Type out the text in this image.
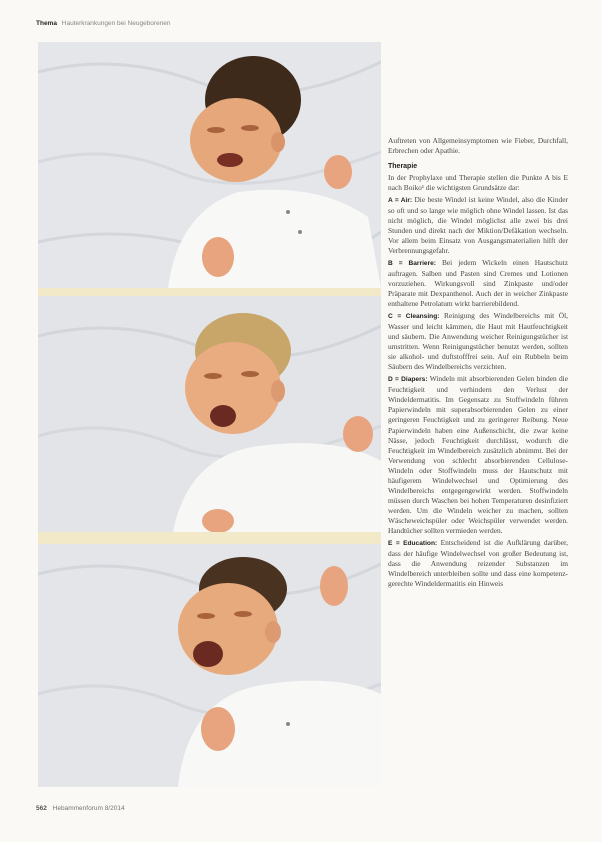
Thema Hauterkrankungen bei Neugeborenen

Auftreten von Allgemeinsymptomen wie Fieber, Durchfall, Erbrechen oder Apathie.

Therapie

In der Prophylaxe und Therapie stellen die Punkte A bis E nach Boiko¹ die wichtigsten Grundsätze dar:

A = Air: Die beste Windel ist keine Windel, also die Kinder so oft und so lange wie möglich ohne Windel lassen. Ist das nicht möglich, die Windel möglichst alle zwei bis drei Stunden und direkt nach der Miktion/Defäkation wechseln. Vor allem beim Einsatz von Ausgangsmaterialien hilft der Verbrennungsgefahr.

B = Barriere: Bei jedem Wickeln einen Hautschutz auftragen. Salben und Pasten sind Cremes und Lotionen vorzuziehen. Wirkungsvoll sind Zinkpaste und/oder Präparate mit Dexpanthenol. Auch der in weicher Zinkpaste enthaltene Petrolatum wirkt barrierebildend.

C = Cleansing: Reinigung des Windelbereichs mit Öl, Wasser und leicht kämmen, die Haut mit Hautfeuchtigkeit und säubern. Die Anwendung weicher Reinigungstücher ist umstritten. Wenn Reinigungstücher benutzt werden, sollten sie alkohol- und duftstofffrei sein. Auf ein Rubbeln beim Säubern des Windelbereichs verzichten.

D = Diapers: Windeln mit absorbierenden Gelen binden die Feuchtigkeit und verhindern den Verlust der Windeldermatitis. Im Gegensatz zu Stoffwindeln führen Papierwindeln mit superabsorbierenden Gelen zu einer geringeren Feuchtigkeit und zu geringerer Reibung. Neue Papierwindeln haben eine Außenschicht, die zwar keine Nässe, jedoch Feuchtigkeit durchlässt, wodurch die Feuchtigkeit im Windelbereich zusätzlich abnimmt. Bei der Verwendung von schlecht absorbierenden Cellulose-Windeln oder Stoffwindeln muss der Hautschutz mit häufigerem Windelwechsel und Optimierung des Windelbereichs entgegengewirkt werden. Stoffwindeln müssen durch Waschen bei hohen Temperaturen desinfiziert werden. Um die Windeln weicher zu machen, sollten Wäscheweichspüler oder Weichspüler verwendet werden. Handtücher sollten vermieden werden.

E = Education: Entscheidend ist die Aufklärung darüber, dass der häufige Windelwechsel von großer Bedeutung ist, dass die Anwendung reizender Substanzen im Windelbereich unterbleiben sollte und dass eine kompetenz-gerechte Windeldermatitis ein Hinweis

562 Hebammenforum 8/2014
